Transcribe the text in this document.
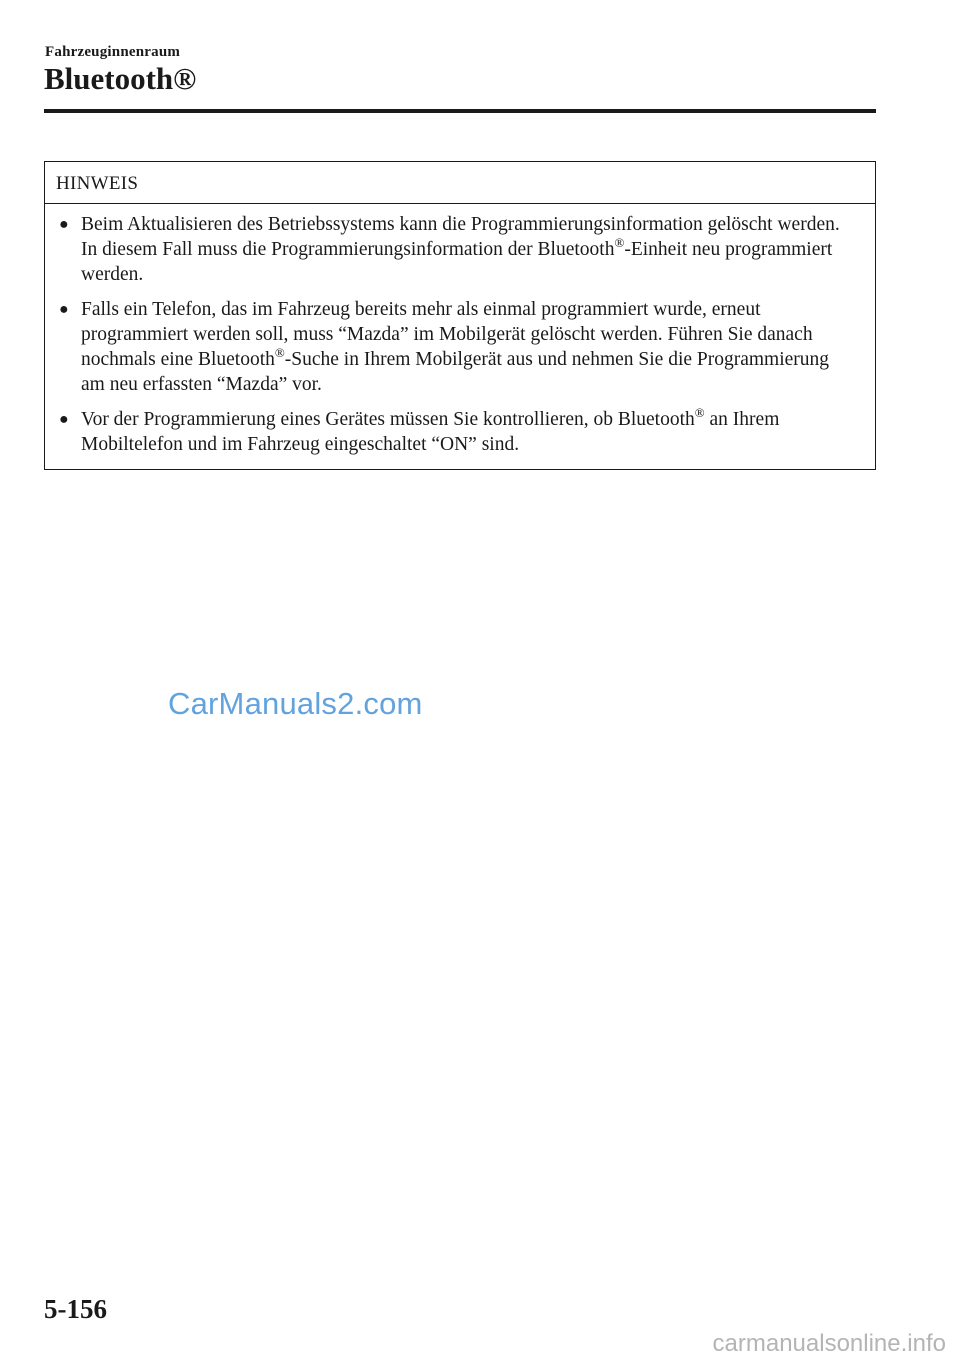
Fahrzeuginnenraum
Bluetooth®
HINWEIS
● Beim Aktualisieren des Betriebssystems kann die Programmierungsinformation gelöscht werden. In diesem Fall muss die Programmierungsinformation der Bluetooth®-Einheit neu programmiert werden.
● Falls ein Telefon, das im Fahrzeug bereits mehr als einmal programmiert wurde, erneut programmiert werden soll, muss “Mazda” im Mobilgerät gelöscht werden. Führen Sie danach nochmals eine Bluetooth®-Suche in Ihrem Mobilgerät aus und nehmen Sie die Programmierung am neu erfassten “Mazda” vor.
● Vor der Programmierung eines Gerätes müssen Sie kontrollieren, ob Bluetooth® an Ihrem Mobiltelefon und im Fahrzeug eingeschaltet “ON” sind.
CarManuals2.com
5-156
carmanualsonline.info
